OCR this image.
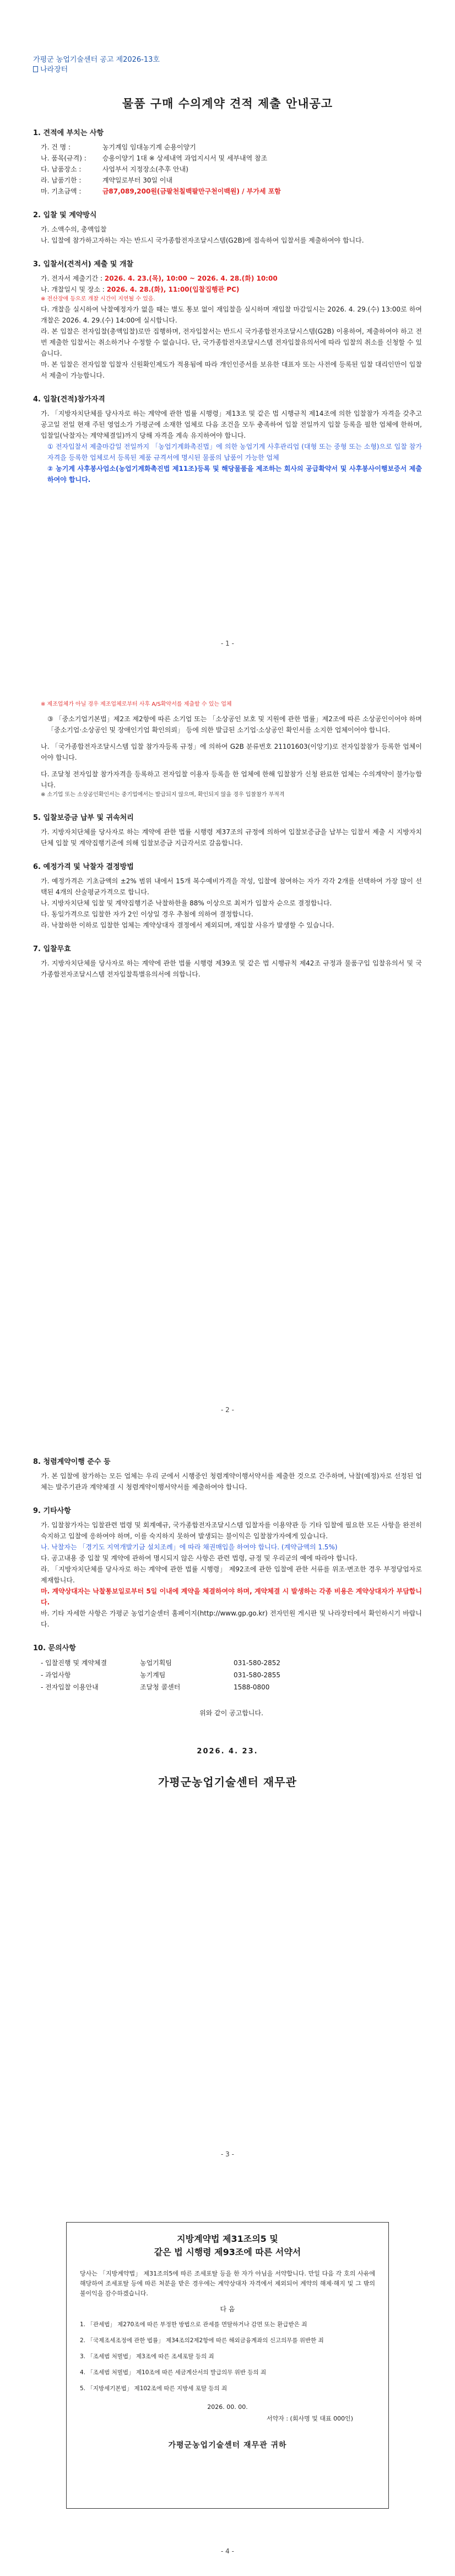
가평군 농업기술센터 공고 제2026-13호
나라장터
물품 구매 수의계약 견적 제출 안내공고
1. 견적에 부치는 사항
가. 건 명 :	농기계임 임대농기계 순용이양기
나. 품목(규격) : 승용이양기 1대 ※ 상세내역 과업지시서 및 세부내역 참조
다. 납품장소 :	사업부서 지정장소(추후 안내)
라. 납품기한 :	계약일로부터 30일 이내
마. 기초금액 :	금87,089,200원(금팔천칠백팔만구천이백원) / 부가세 포함
2. 입찰 및 계약방식
가. 소액수의, 총액입찰
나. 입찰에 참가하고자하는 자는 반드시 국가종합전자조달시스템(G2B)에 접속하여 입찰서를 제출하여야 합니다.
3. 입찰서(견적서) 제출 및 개찰
가. 전자서 제출기간 : 2026. 4. 23.(목), 10:00 ~ 2026. 4. 28.(화) 10:00
나. 개찰일시 및 장소 : 2026. 4. 28.(화), 11:00(입찰집행관 PC)
※ 전산장애 등으로 개찰 시간이 지연될 수 있음.
다. 개찰을 실시하여 낙찰예정자가 없을 때는 별도 통보 없이 재입찰을 실시하며 재입찰 마감일시는 2026. 4. 29.(수) 13:00로 하여 개찰은 2026. 4. 29.(수) 14:00에 실시합니다.
라. 본 입찰은 전자입찰(총액입찰)로만 집행하며, 전자입찰서는 반드시 국가종합전자조달시스템(G2B) 이용하여, 제출하여야 하고 전번 제출한 입찰서는 취소하거나 수정할 수 없습니다. 단, 국가종합전자조달시스템 전자입찰유의서에 따라 입찰의 취소를 신청할 수 있습니다.
마. 본 입찰은 전자입찰 입찰자 신원확인제도가 적용됨에 따라 개인인증서를 보유한 대표자 또는 사전에 등록된 입찰 대리인만이 입찰서 제출이 가능합니다.
4. 입찰(견적)참가자격
가. 「지방자치단체를 당사자로 하는 계약에 관한 법률 시행령」제13조 및 같은 법 시행규칙 제14조에 의한 입찰참가 자격을 갖추고 공고일 전일 현재 주된 영업소가 가평군에 소재한 업체로 다음 조건을 모두 충족하여 입찰 전일까지 입찰 등록을 필한 업체에 한하며, 입찰일(낙찰자는 계약체결일)까지 당해 자격을 계속 유지하여야 합니다.
① 전자입찰서 제출마감일 전일까지 「농업기계화촉진법」에 의한 농업기계 사후관리업 (대형 또는 중형 또는 소형)으로 입찰 참가자격을 등록한 업체로서 등록된 제품 규격서에 명시된 물품의 납품이 가능한 업체
② 농기계 사후봉사업소(농업기계화촉진법 제11조)등록 및 해당물품을 제조하는 회사의 공급확약서 및 사후봉사이행보증서 제출하여야 합니다.
- 1 -
※ 제조업체가 아닐 경우 제조업체로부터 사후 A/S확약서를 제출할 수 있는 업체
③ 「중소기업기본법」제2조 제2항에 따른 소기업 또는 「소상공인 보호 및 지원에 관한 법률」제2조에 따른 소상공인이어야 하며 「중소기업·소상공인 및 장애인기업 확인의뢰」 등에 의한 발급된 소기업·소상공인 확인서를 소지한 업체이어야 합니다.
나. 「국가종합전자조달시스템 입찰 참가자등록 규정」에 의하여 G2B 분류번호 21101603(이앙기)로 전자입찰참가 등록한 업체이어야 합니다.
다. 조달청 전자입찰 참가자격을 등록하고 전자입찰 이용자 등록을 한 업체에 한해 입찰참가 신청 완료한 업체는 수의계약이 불가능합니다.
※ 소기업 또는 소상공인확인서는 중기업에서는 발급되지 않으며, 확인되지 않을 경우 입찰참가 부적격
5. 입찰보증금 납부 및 귀속처리
가. 지방자치단체를 당사자로 하는 계약에 관한 법률 시행령 제37조의 규정에 의하여 입찰보증금을 납부는 입찰서 제출 시 지방자치단체 입찰 및 계약집행기준에 의해 입찰보증금 지급각서로 갈음합니다.
6. 예정가격 및 낙찰자 결정방법
가. 예정가격은 기초금액의 ±2% 범위 내에서 15개 복수예비가격을 작성, 입찰에 참여하는 자가 각각 2개를 선택하여 가장 많이 선택된 4개의 산술평균가격으로 합니다.
나. 지방자치단체 입찰 및 계약집행기준 낙찰하한율 88% 이상으로 최저가 입찰자 순으로 결정합니다.
다. 동일가격으로 입찰한 자가 2인 이상일 경우 추첨에 의하여 결정합니다.
라. 낙찰하한 이하로 입찰한 업체는 계약상대자 결정에서 제외되며, 재입찰 사유가 발생할 수 있습니다.
7. 입찰무효
가. 지방자치단체를 당사자로 하는 계약에 관한 법률 시행령 제39조 및 같은 법 시행규칙 제42조 규정과 물품구입 입찰유의서 및 국가종합전자조달시스템 전자입찰특별유의서에 의합니다.
- 2 -
8. 청렴계약이행 준수 등
가. 본 입찰에 참가하는 모든 업체는 우리 군에서 시행중인 청렴계약이행서약서를 제출한 것으로 간주하며, 낙찰(예정)자로 선정된 업체는 발주기관과 계약체결 시 청렴계약이행서약서를 제출하여야 합니다.
9. 기타사항
가. 입찰참가자는 입찰관련 법령 및 회계예규, 국가종합전자조달시스템 입찰자를 이용약관 등 기타 입찰에 필요한 모든 사항을 완전히 숙지하고 입찰에 응하여야 하며, 이를 숙지하지 못하여 발생되는 불이익은 입찰참가자에게 있습니다.
나. 낙찰자는 「경기도 지역개발기금 설치조례」에 따라 채권매입을 하여야 합니다. (계약금액의 1.5%)
다. 공고내용 중 입찰 및 계약에 관하여 명시되지 않은 사항은 관련 법령, 규정 및 우리군의 예에 따라야 합니다.
라. 「지방자치단체를 당사자로 하는 계약에 관한 법률 시행령」 제92조에 관한 입찰에 관한 서류를 위조·변조한 경우 부정당업자로 제재합니다.
마. 계약상대자는 낙찰통보일로부터 5일 이내에 계약을 체결하여야 하며, 계약체결 시 발생하는 각종 비용은 계약상대자가 부담합니다.
바. 기타 자세한 사항은 가평군 농업기술센터 홈페이지(http://www.gp.go.kr) 전자민원 게시판 및 나라장터에서 확인하시기 바랍니다.
10. 문의사항
- 입찰진행 및 계약체결	농업기획팀	031-580-2852
- 과업사항	농기계팀	031-580-2855
- 전자입찰 이용안내	조달청 콜센터	1588-0800
위와 같이 공고합니다.
2026. 4. 23.
가평군농업기술센터 재무관
- 3 -
지방계약법 제31조의5 및
같은 법 시행령 제93조에 따른 서약서
당사는 「지방계약법」 제31조의5에 따른 조세포탈 등을 한 자가 아님을 서약합니다. 만일 다음 각 호의 사유에 해당하여 조세포탈 등에 따른 처분을 받은 경우에는 계약상대자 자격에서 제외되어 계약의 해제·해지 및 그 밖의 불이익을 감수하겠습니다.
다 음
1. 「관세법」 제270조에 따른 부정한 방법으로 관세를 면탈하거나 감면 또는 환급받은 죄
2. 「국제조세조정에 관한 법률」 제34조의2제2항에 따른 해외금융계좌의 신고의무를 위반한 죄
3. 「조세범 처벌법」 제3조에 따른 조세포탈 등의 죄
4. 「조세범 처벌법」 제10조에 따른 세금계산서의 발급의무 위반 등의 죄
5. 「지방세기본법」 제102조에 따른 지방세 포탈 등의 죄
2026. 00. 00.
서약자 : (회사명 및 대표 000인)
가평군농업기술센터 재무관 귀하
- 4 -
